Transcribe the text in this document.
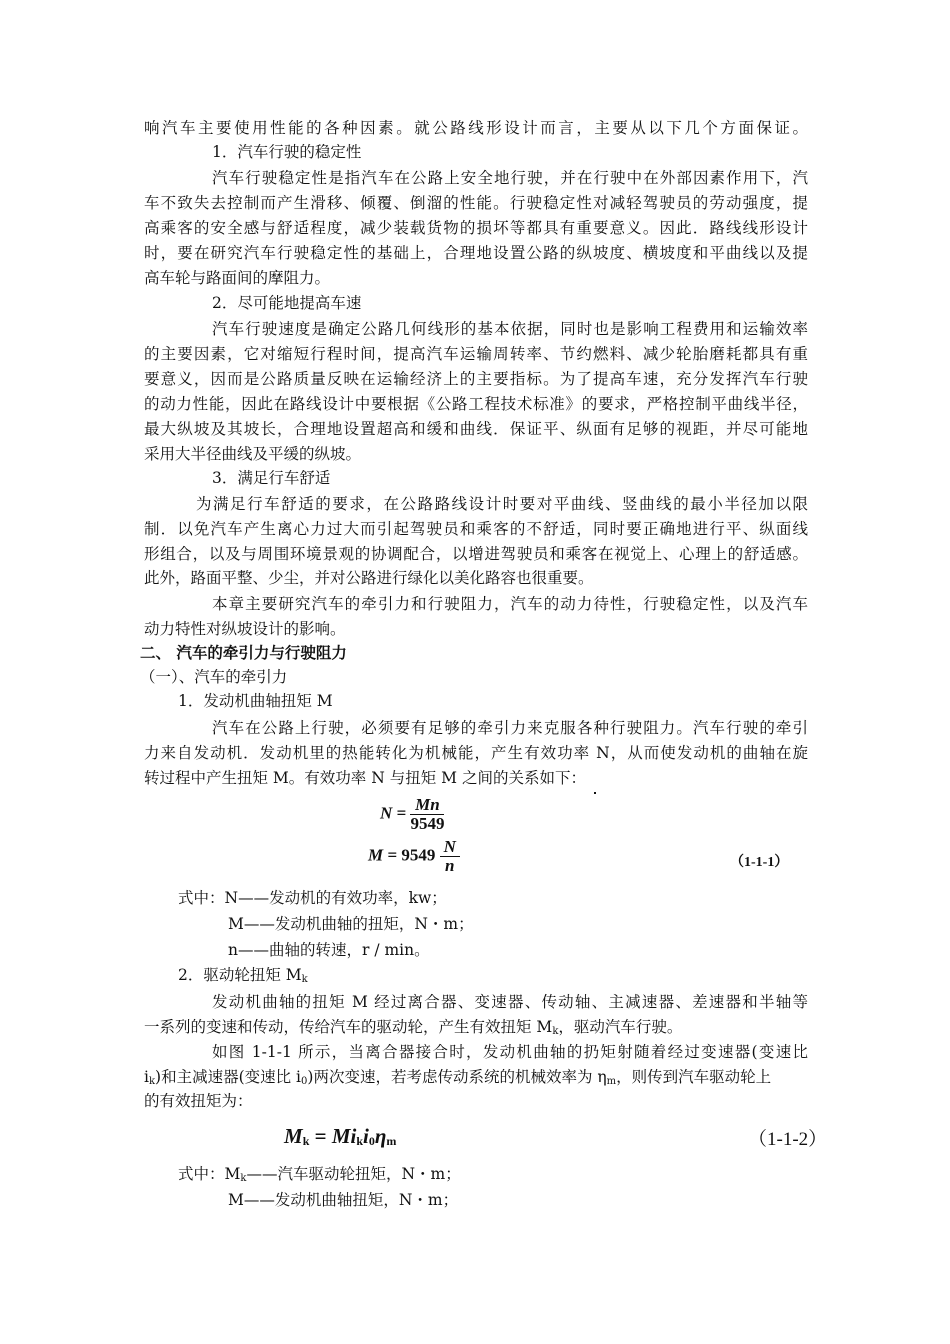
响汽车主要使用性能的各种因素。就公路线形设计而言，主要从以下几个方面保证。
1．汽车行驶的稳定性
汽车行驶稳定性是指汽车在公路上安全地行驶，并在行驶中在外部因素作用下，汽
车不致失去控制而产生滑移、倾覆、倒溜的性能。行驶稳定性对减轻驾驶员的劳动强度，提
高乘客的安全感与舒适程度，减少装载货物的损坏等都具有重要意义。因此．路线线形设计
时，要在研究汽车行驶稳定性的基础上，合理地设置公路的纵坡度、横坡度和平曲线以及提
高车轮与路面间的摩阻力。
2．尽可能地提高车速
汽车行驶速度是确定公路几何线形的基本依据，同时也是影响工程费用和运输效率
的主要因素，它对缩短行程时间，提高汽车运输周转率、节约燃料、减少轮胎磨耗都具有重
要意义，因而是公路质量反映在运输经济上的主要指标。为了提高车速，充分发挥汽车行驶
的动力性能，因此在路线设计中要根据《公路工程技术标准》的要求，严格控制平曲线半径，
最大纵坡及其坡长，合理地设置超高和缓和曲线．保证平、纵面有足够的视距，并尽可能地
采用大半径曲线及平缓的纵坡。
3．满足行车舒适
为满足行车舒适的要求，在公路路线设计时要对平曲线、竖曲线的最小半径加以限
制．以免汽车产生离心力过大而引起驾驶员和乘客的不舒适，同时要正确地进行平、纵面线
形组合，以及与周围环境景观的协调配合，以增进驾驶员和乘客在视觉上、心理上的舒适感。
此外，路面平整、少尘，并对公路进行绿化以美化路容也很重要。
本章主要研究汽车的牵引力和行驶阻力，汽车的动力待性，行驶稳定性，以及汽车
动力特性对纵坡设计的影响。
二、 汽车的牵引力与行驶阻力
（一）、汽车的牵引力
1．发动机曲轴扭矩 M
汽车在公路上行驶，必须要有足够的牵引力来克服各种行驶阻力。汽车行驶的牵引
力来自发动机．发动机里的热能转化为机械能，产生有效功率 N，从而使发动机的曲轴在旋
转过程中产生扭矩 M。有效功率 N 与扭矩 M 之间的关系如下：
$N = \frac{Mn}{9549}$
$M = 9549 \frac{N}{n}$	（1-1-1）
式中：N——发动机的有效功率，kw；
M——发动机曲轴的扭矩，N・m；
n——曲轴的转速，r / min。
2．驱动轮扭矩 $M_k$
发动机曲轴的扭矩 M 经过离合器、变速器、传动轴、主减速器、差速器和半轴等
一系列的变速和传动，传给汽车的驱动轮，产生有效扭矩 $M_k$，驱动汽车行驶。
如图 1-1-1 所示，当离合器接合时，发动机曲轴的扔矩射随着经过变速器(变速比
$i_k$)和主减速器(变速比 $i_0$)两次变速，若考虑传动系统的机械效率为 $\eta_m$，则传到汽车驱动轮上
的有效扭矩为：
Mk = Miki0ηm	（1-1-2）
式中：$M_k——$汽车驱动轮扭矩，N・m；
M——发动机曲轴扭矩，N・m；
